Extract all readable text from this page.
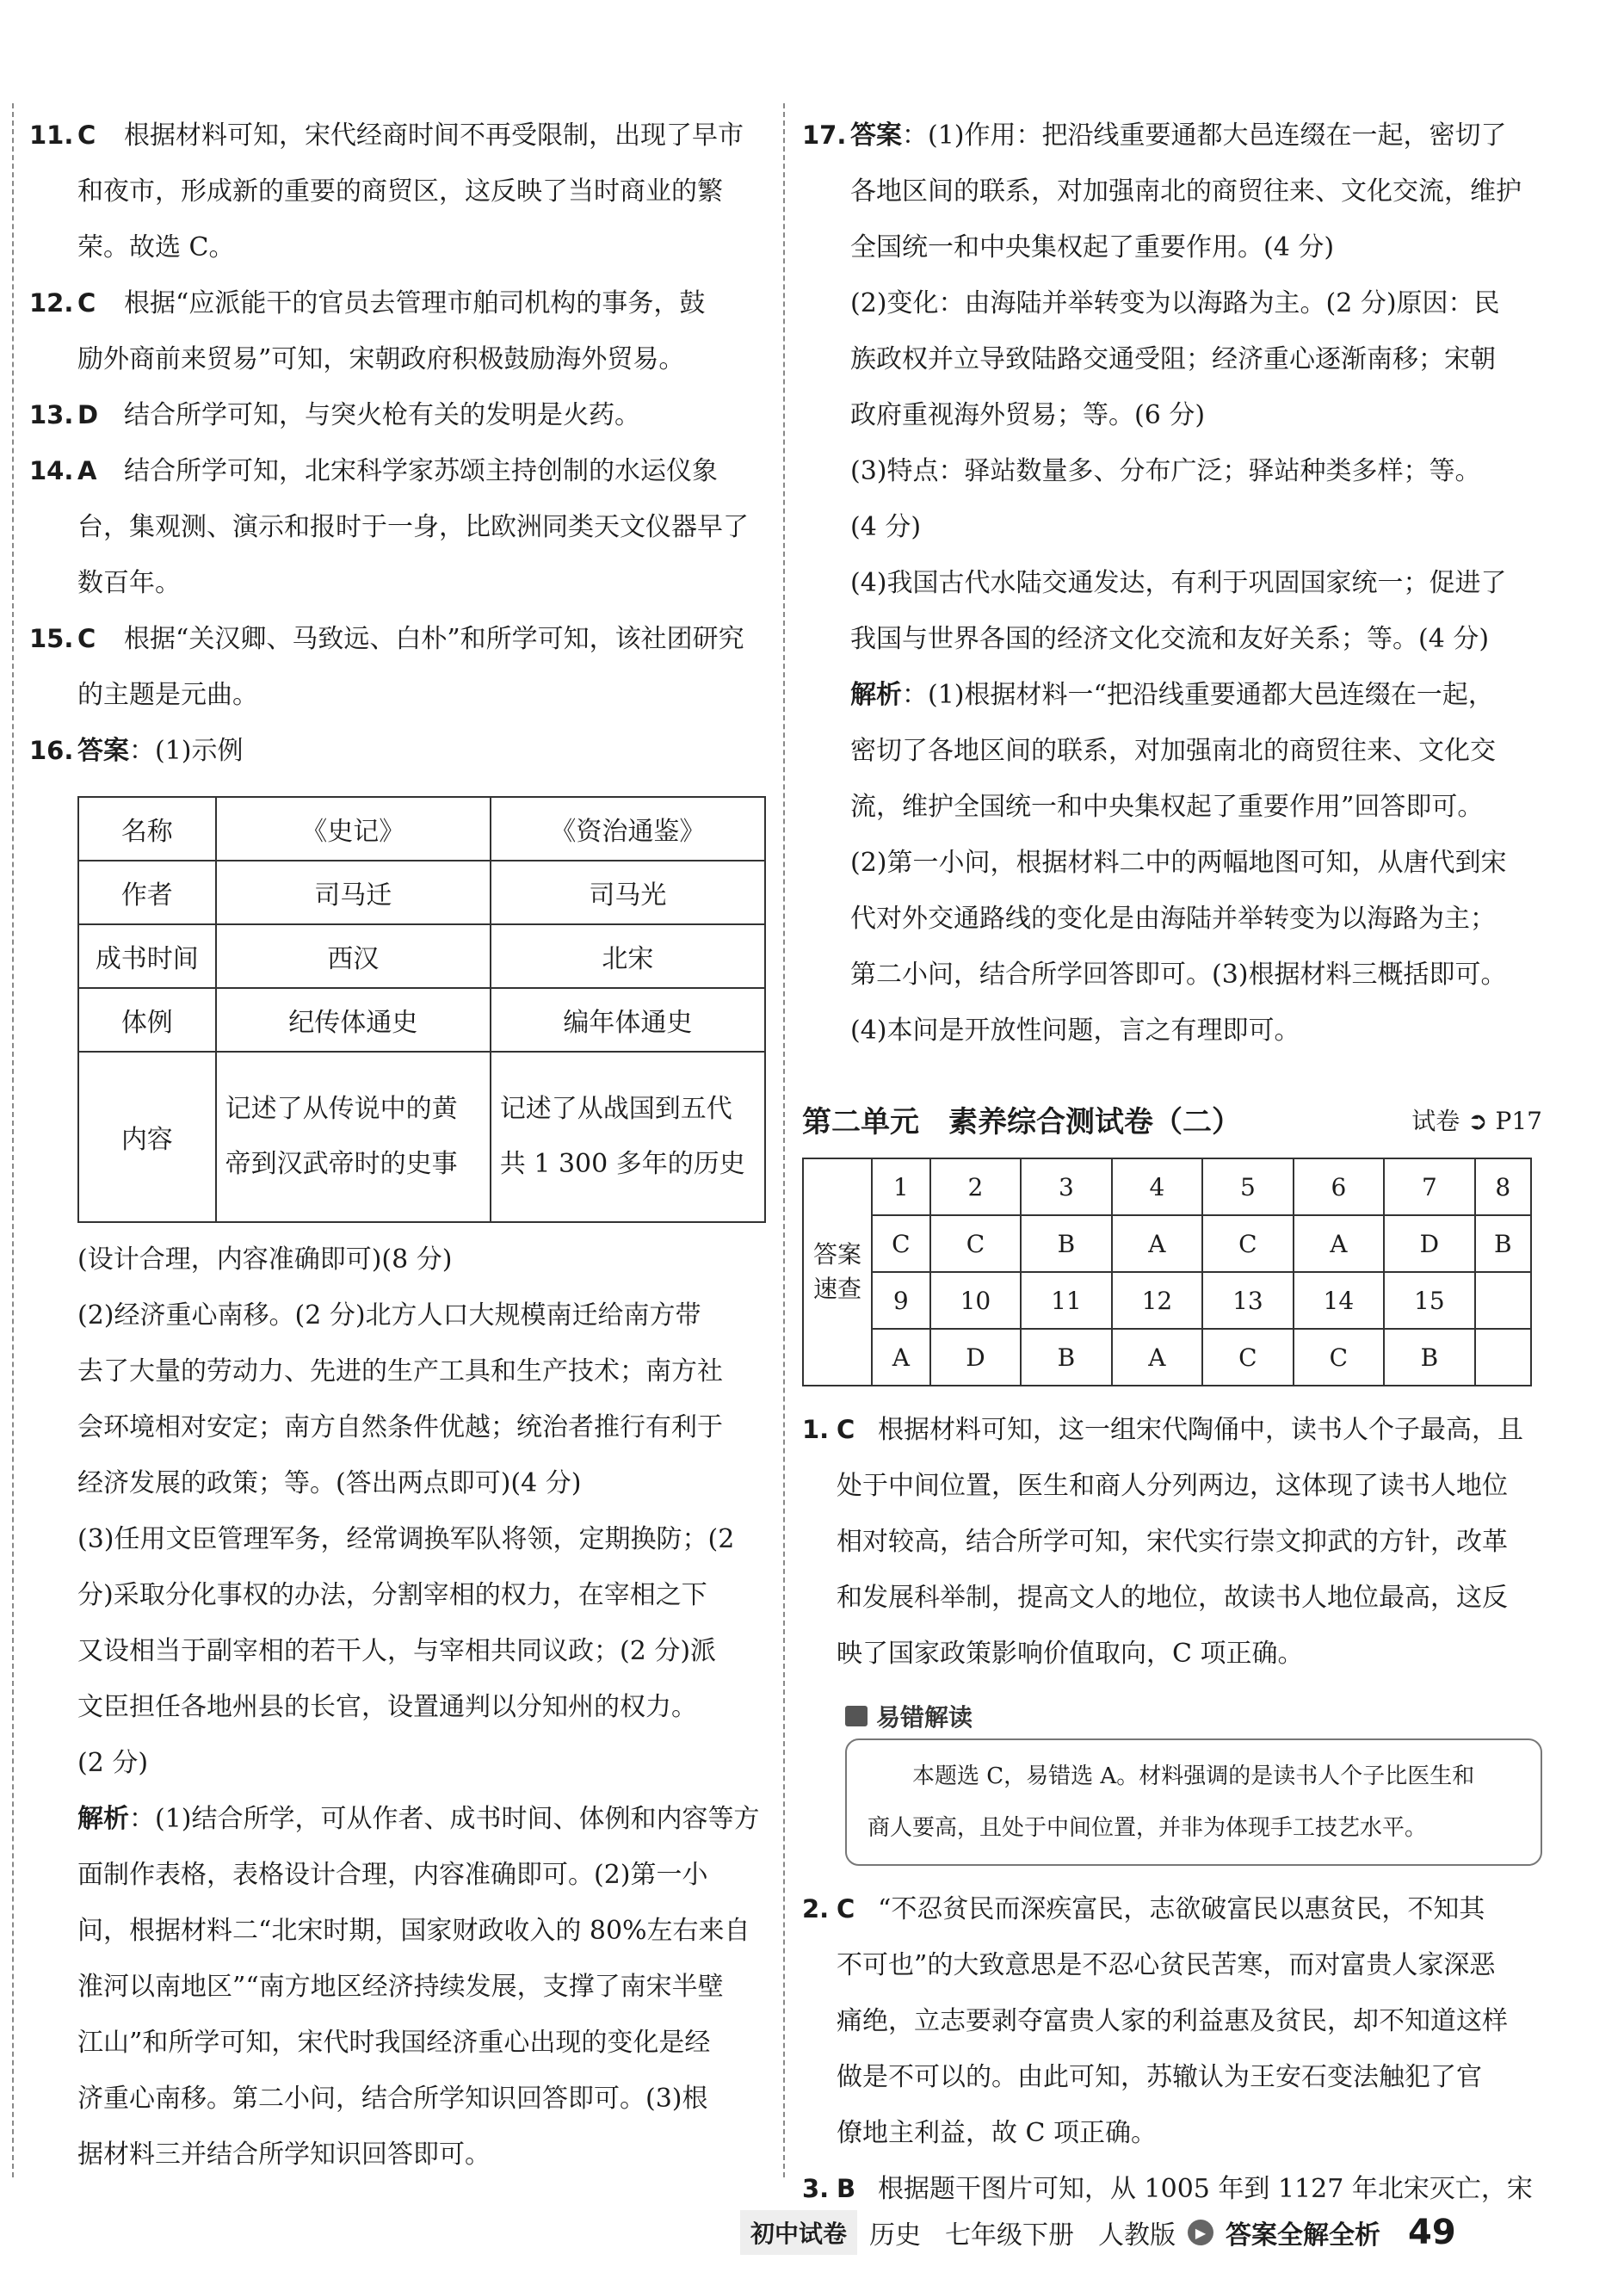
11. C	根据材料可知，宋代经商时间不再受限制，出现了早市

和夜市，形成新的重要的商贸区，这反映了当时商业的繁

荣。故选 C。

12. C	根据“应派能干的官员去管理市舶司机构的事务，鼓

励外商前来贸易”可知，宋朝政府积极鼓励海外贸易。

13. D 结合所学可知，与突火枪有关的发明是火药。

14. A	结合所学可知，北宋科学家苏颂主持创制的水运仪象

台，集观测、演示和报时于一身，比欧洲同类天文仪器早了

数百年。

15. C	根据“关汉卿、马致远、白朴”和所学可知，该社团研究

的主题是元曲。

16. 答案：(1)示例

名称	《史记》	《资治通鉴》
作者	司马迁	司马光
成书时间	西汉	北宋
体例	纪传体通史	编年体通史
内容	记述了从传说中的黄帝到汉武帝时的史事	记述了从战国到五代共 1 300 多年的历史

(设计合理，内容准确即可)(8 分)

(2)经济重心南移。(2 分)北方人口大规模南迁给南方带

去了大量的劳动力、先进的生产工具和生产技术；南方社

会环境相对安定；南方自然条件优越；统治者推行有利于

经济发展的政策；等。(答出两点即可)(4 分)

(3)任用文臣管理军务，经常调换军队将领，定期换防；(2

分)采取分化事权的办法，分割宰相的权力，在宰相之下

又设相当于副宰相的若干人，与宰相共同议政；(2 分)派

文臣担任各地州县的长官，设置通判以分知州的权力。

(2 分)

解析：(1)结合所学，可从作者、成书时间、体例和内容等方

面制作表格，表格设计合理，内容准确即可。(2)第一小

问，根据材料二“北宋时期，国家财政收入的 80%左右来自

淮河以南地区”“南方地区经济持续发展，支撑了南宋半壁

江山”和所学可知，宋代时我国经济重心出现的变化是经

济重心南移。第二小问，结合所学知识回答即可。(3)根

据材料三并结合所学知识回答即可。

17. 答案：(1)作用：把沿线重要通都大邑连缀在一起，密切了

各地区间的联系，对加强南北的商贸往来、文化交流，维护

全国统一和中央集权起了重要作用。(4 分)

(2)变化：由海陆并举转变为以海路为主。(2 分)原因：民

族政权并立导致陆路交通受阻；经济重心逐渐南移；宋朝

政府重视海外贸易；等。(6 分)

(3)特点：驿站数量多、分布广泛；驿站种类多样；等。

(4 分)

(4)我国古代水陆交通发达，有利于巩固国家统一；促进了

我国与世界各国的经济文化交流和友好关系；等。(4 分)

解析：(1)根据材料一“把沿线重要通都大邑连缀在一起，

密切了各地区间的联系，对加强南北的商贸往来、文化交

流，维护全国统一和中央集权起了重要作用”回答即可。

(2)第一小问，根据材料二中的两幅地图可知，从唐代到宋

代对外交通路线的变化是由海陆并举转变为以海路为主；

第二小问，结合所学回答即可。(3)根据材料三概括即可。

(4)本问是开放性问题，言之有理即可。

第二单元　素养综合测试卷（二）	试卷 ➲ P17
答案速查	1	2	3	4	5	6	7	8
	C	C	B	A	C	A	D	B
	9	10	11	12	13	14	15	
	A	D	B	A	C	C	B	
1. C 根据材料可知，这一组宋代陶俑中，读书人个子最高，且

处于中间位置，医生和商人分列两边，这体现了读书人地位

相对较高，结合所学可知，宋代实行崇文抑武的方针，改革

和发展科举制，提高文人的地位，故读书人地位最高，这反

映了国家政策影响价值取向，C 项正确。

易错解读

本题选 C，易错选 A。材料强调的是读书人个子比医生和

商人要高，且处于中间位置，并非为体现手工技艺水平。

2. C “不忍贫民而深疾富民，志欲破富民以惠贫民，不知其

不可也”的大致意思是不忍心贫民苦寒，而对富贵人家深恶

痛绝，立志要剥夺富贵人家的利益惠及贫民，却不知道这样

做是不可以的。由此可知，苏辙认为王安石变法触犯了官

僚地主利益，故 C 项正确。

3. B 根据题干图片可知，从 1005 年到 1127 年北宋灭亡，宋

初中试卷 历史 七年级下册 人教版	▶ 答案全解全析 49
